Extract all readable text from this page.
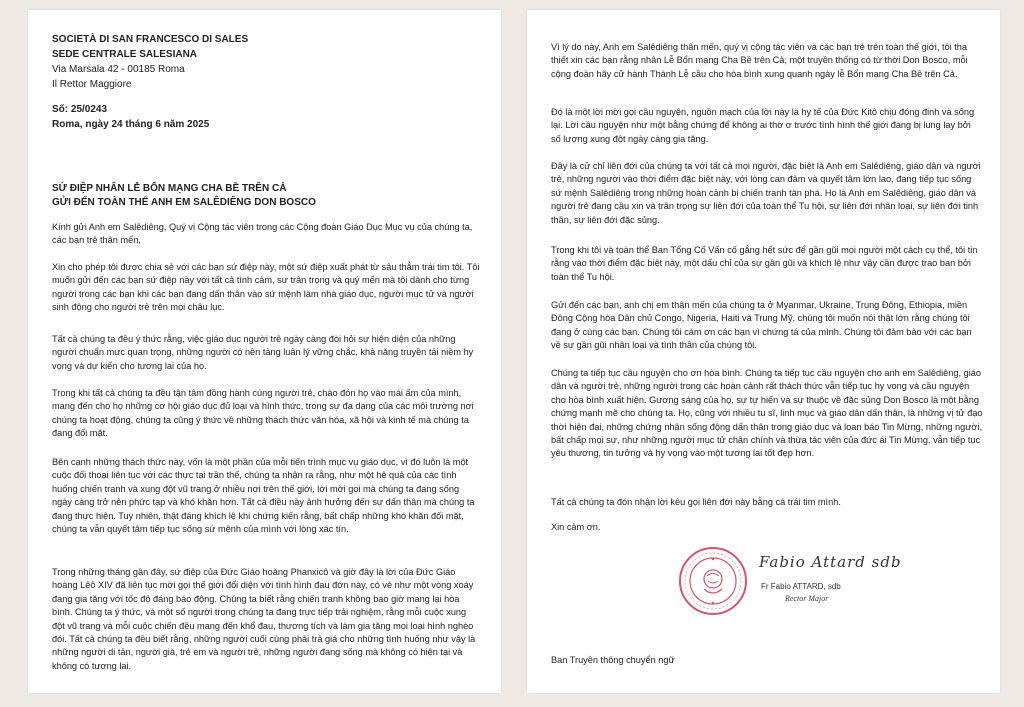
SOCIETÀ DI SAN FRANCESCO DI SALES
SEDE CENTRALE SALESIANA
Via Marsala 42 - 00185 Roma
Il Rettor Maggiore
Số: 25/0243
Roma, ngày 24 tháng 6 năm 2025
SỨ ĐIỆP NHÂN LỄ BỔN MẠNG CHA BỀ TRÊN CẢ
GỬI ĐẾN TOÀN THỂ ANH EM SALÊDIÊNG DON BOSCO

Kính gửi Anh em Salêdiêng, Quý vị Cộng tác viên trong các Cộng đoàn Giáo Dục Mục vụ của chúng ta, các bạn trẻ thân mến,

Xin cho phép tôi được chia sẻ với các bạn sứ điệp này, một sứ điệp xuất phát từ sâu thẳm trái tim tôi. Tôi muốn gửi đến các bạn sứ điệp này với tất cả tình cảm, sự trân trọng và quý mến mà tôi dành cho từng người trong các bạn khi các bạn đang dấn thân vào sứ mệnh làm nhà giáo dục, người mục tử và người sinh động cho người trẻ trên mọi châu lục.

Tất cả chúng ta đều ý thức rằng, việc giáo dục người trẻ ngày càng đòi hỏi sự hiện diện của những người chuẩn mực quan trọng, những người có nền tảng luân lý vững chắc, khả năng truyền tải niềm hy vọng và dự kiến cho tương lai của họ.

Trong khi tất cả chúng ta đều tận tâm đồng hành cùng người trẻ, chào đón họ vào mái ấm của mình, mang đến cho họ những cơ hội giáo dục đủ loại và hình thức, trong sự đa dạng của các môi trường nơi chúng ta hoạt động, chúng ta cũng ý thức về những thách thức văn hóa, xã hội và kinh tế mà chúng ta đang đối mặt.

Bên cạnh những thách thức này, vốn là một phần của mỗi tiến trình mục vụ giáo dục, vì đó luôn là một cuộc đối thoại liên tục với các thực tại trần thế, chúng ta nhận ra rằng, như một hệ quả của các tình huống chiến tranh và xung đột vũ trang ở nhiều nơi trên thế giới, lời mời gọi mà chúng ta đang sống ngày càng trở nên phức tạp và khó khăn hơn. Tất cả điều này ảnh hưởng đến sự dấn thân mà chúng ta đang thực hiện. Tuy nhiên, thật đáng khích lệ khi chứng kiến rằng, bất chấp những khó khăn đối mặt, chúng ta vẫn quyết tâm tiếp tục sống sứ mệnh của mình với lòng xác tín.

Trong những tháng gần đây, sứ điệp của Đức Giáo hoàng Phanxicô và giờ đây là lời của Đức Giáo hoàng Lêô XIV đã liên tục mời gọi thế giới đối diện với tình hình đau đớn này, có vẻ như một vòng xoáy đang gia tăng với tốc độ đáng báo động. Chúng ta biết rằng chiến tranh không bao giờ mang lại hòa bình. Chúng ta ý thức, và một số người trong chúng ta đang trực tiếp trải nghiệm, rằng mỗi cuộc xung đột vũ trang và mỗi cuộc chiến đều mang đến khổ đau, thương tích và làm gia tăng mọi loại hình nghèo đói. Tất cả chúng ta đều biết rằng, những người cuối cùng phải trả giá cho những tình huống như vậy là những người di tản, người già, trẻ em và người trẻ, những người đang sống mà không có hiện tại và không có tương lai.

Vì lý do này, Anh em Salêdiêng thân mến, quý vị cộng tác viên và các bạn trẻ trên toàn thế giới, tôi tha thiết xin các bạn rằng nhân Lễ Bổn mạng Cha Bề trên Cả, một truyền thống có từ thời Don Bosco, mỗi cộng đoàn hãy cử hành Thánh Lễ cầu cho hòa bình xung quanh ngày lễ Bổn mạng Cha Bề trên Cả.

Đó là một lời mời gọi cầu nguyện, nguồn mạch của lời này là hy tế của Đức Kitô chịu đóng đinh và sống lại. Lời cầu nguyện như một bằng chứng để không ai thờ ơ trước tình hình thế giới đang bị lung lay bởi số lượng xung đột ngày càng gia tăng.

Đây là cử chỉ liên đới của chúng ta với tất cả mọi người, đặc biệt là Anh em Salêdiêng, giáo dân và người trẻ, những người vào thời điểm đặc biệt này, với lòng can đảm và quyết tâm lớn lao, đang tiếp tục sống sứ mệnh Salêdiêng trong những hoàn cảnh bị chiến tranh tàn phá. Họ là Anh em Salêdiêng, giáo dân và người trẻ đang cầu xin và trân trọng sự liên đới của toàn thể Tu hội, sự liên đới nhân loại, sự liên đới tinh thần, sự liên đới đặc sủng.

Trong khi tôi và toàn thể Ban Tổng Cố Vấn cố gắng hết sức để gần gũi mọi người một cách cụ thể, tôi tin rằng vào thời điểm đặc biệt này, một dấu chỉ của sự gần gũi và khích lệ như vậy cần được trao ban bởi toàn thể Tu hội.

Gửi đến các bạn, anh chị em thân mến của chúng ta ở Myanmar, Ukraine, Trung Đông, Ethiopia, miền Đông Cộng hòa Dân chủ Congo, Nigeria, Haiti và Trung Mỹ, chúng tôi muốn nói thật lớn rằng chúng tôi đang ở cùng các bạn. Chúng tôi cám ơn các bạn vì chứng tá của mình. Chúng tôi đảm bảo với các bạn về sự gần gũi nhân loại và tình thần của chúng tôi.

Chúng ta tiếp tục cầu nguyện cho ơn hòa bình. Chúng ta tiếp tục cầu nguyện cho anh em Salêdiêng, giáo dân và người trẻ, những người trong các hoàn cảnh rất thách thức vẫn tiếp tục hy vọng và cầu nguyện cho hòa bình xuất hiện. Gương sáng của họ, sự tự hiến và sự thuộc về đặc sủng Don Bosco là một bằng chứng mạnh mẽ cho chúng ta. Họ, cũng với nhiều tu sĩ, linh mục và giáo dân dấn thân, là những vị tử đạo thời hiện đại, những chứng nhân sống động dấn thân trong giáo dục và loan báo Tin Mừng, những người, bất chấp mọi sự, như những người mục tử chân chính và thừa tác viên của đức ái Tin Mừng, vẫn tiếp tục yêu thương, tin tưởng và hy vọng vào một tương lai tốt đẹp hơn.

Tất cả chúng ta đón nhận lời kêu gọi liên đới này bằng cả trái tim mình.

Xin cảm ơn.

Fabio Attard sdb
Fr Fabio ATTARD, sdb
Rector Major
Ban Truyền thông chuyển ngữ
